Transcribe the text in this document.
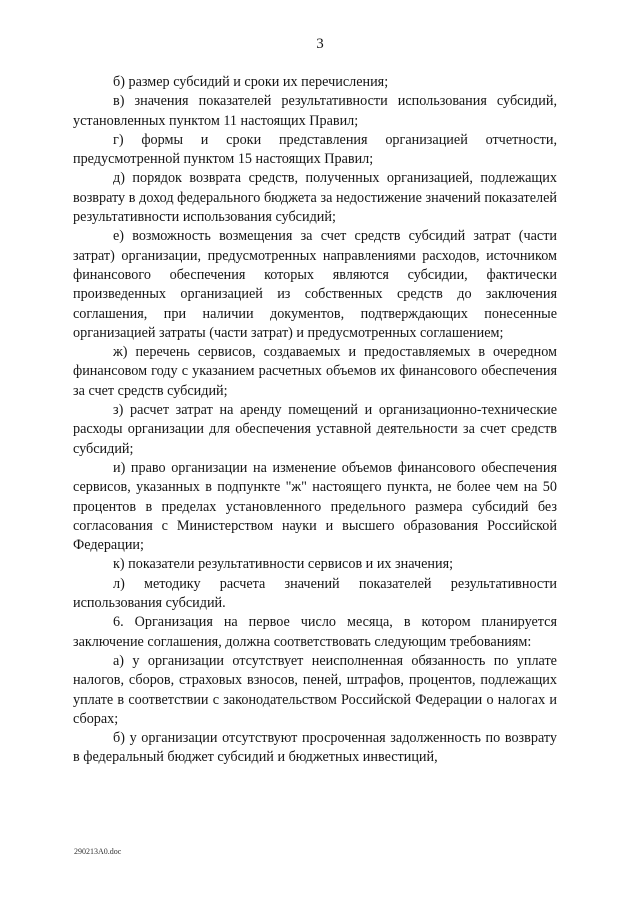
3

б) размер субсидий и сроки их перечисления;

в) значения показателей результативности использования субсидий, установленных пунктом 11 настоящих Правил;

г) формы и сроки представления организацией отчетности, предусмотренной пунктом 15 настоящих Правил;

д) порядок возврата средств, полученных организацией, подлежащих возврату в доход федерального бюджета за недостижение значений показателей результативности использования субсидий;

е) возможность возмещения за счет средств субсидий затрат (части затрат) организации, предусмотренных направлениями расходов, источником финансового обеспечения которых являются субсидии, фактически произведенных организацией из собственных средств до заключения соглашения, при наличии документов, подтверждающих понесенные организацией затраты (части затрат) и предусмотренных соглашением;

ж) перечень сервисов, создаваемых и предоставляемых в очередном финансовом году с указанием расчетных объемов их финансового обеспечения за счет средств субсидий;

з) расчет затрат на аренду помещений и организационно-технические расходы организации для обеспечения уставной деятельности за счет средств субсидий;

и) право организации на изменение объемов финансового обеспечения сервисов, указанных в подпункте "ж" настоящего пункта, не более чем на 50 процентов в пределах установленного предельного размера субсидий без согласования с Министерством науки и высшего образования Российской Федерации;

к) показатели результативности сервисов и их значения;

л) методику расчета значений показателей результативности использования субсидий.

6. Организация на первое число месяца, в котором планируется заключение соглашения, должна соответствовать следующим требованиям:

а) у организации отсутствует неисполненная обязанность по уплате налогов, сборов, страховых взносов, пеней, штрафов, процентов, подлежащих уплате в соответствии с законодательством Российской Федерации о налогах и сборах;

б) у организации отсутствуют просроченная задолженность по возврату в федеральный бюджет субсидий и бюджетных инвестиций,

290213A0.doc
